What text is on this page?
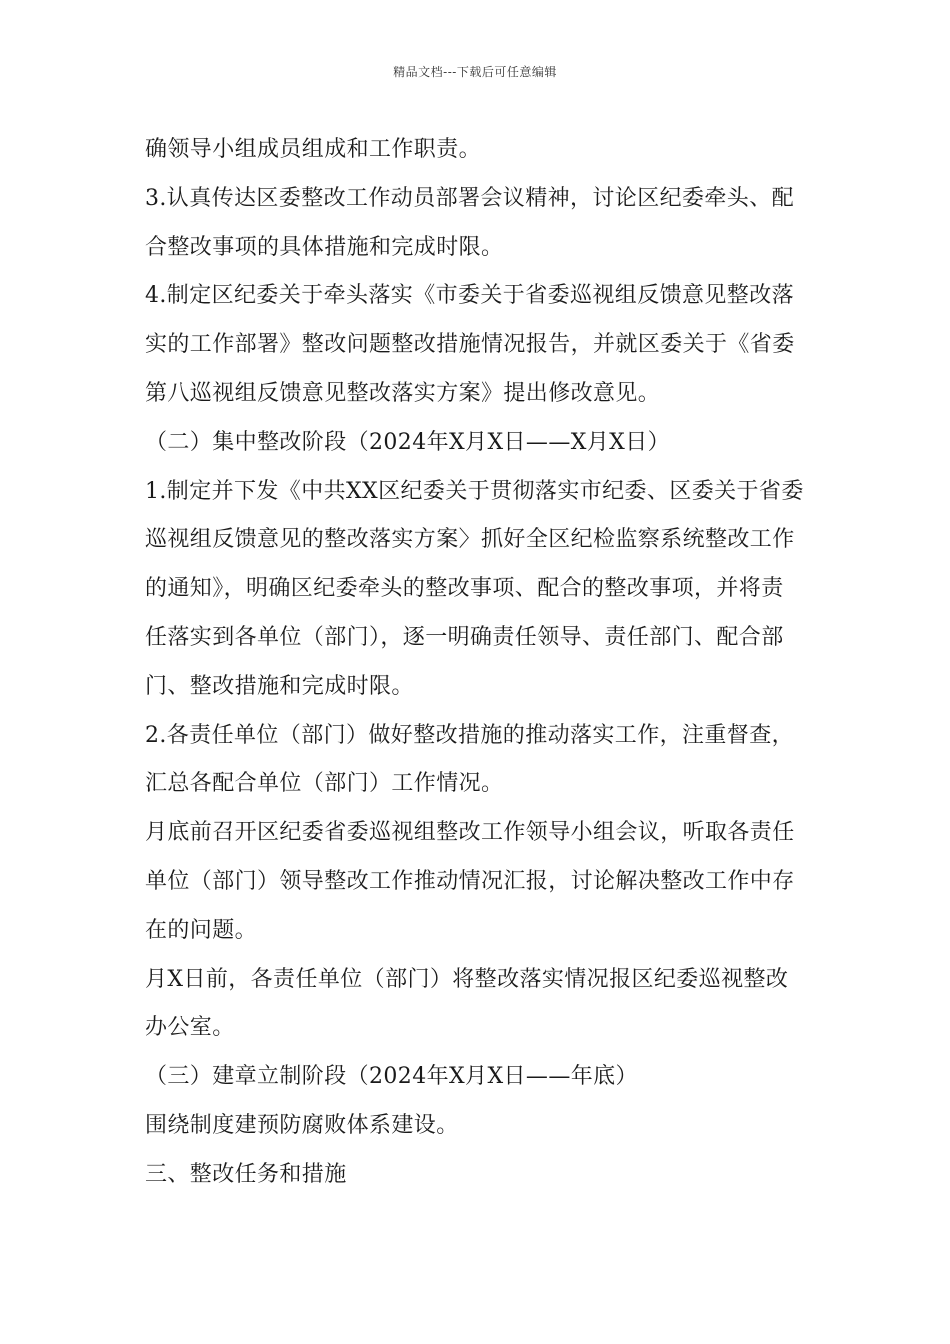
精品文档---下载后可任意编辑

确领导小组成员组成和工作职责。

3.认真传达区委整改工作动员部署会议精神，讨论区纪委牵头、配
合整改事项的具体措施和完成时限。

4.制定区纪委关于牵头落实《市委关于省委巡视组反馈意见整改落
实的工作部署》整改问题整改措施情况报告，并就区委关于《省委
第八巡视组反馈意见整改落实方案》提出修改意见。

（二）集中整改阶段（2024年X月X日——X月X日）

1.制定并下发《中共XX区纪委关于贯彻落实市纪委、区委关于省委
巡视组反馈意见的整改落实方案〉抓好全区纪检监察系统整改工作
的通知》，明确区纪委牵头的整改事项、配合的整改事项，并将责
任落实到各单位（部门），逐一明确责任领导、责任部门、配合部
门、整改措施和完成时限。

2.各责任单位（部门）做好整改措施的推动落实工作，注重督查，
汇总各配合单位（部门）工作情况。

月底前召开区纪委省委巡视组整改工作领导小组会议，听取各责任
单位（部门）领导整改工作推动情况汇报，讨论解决整改工作中存
在的问题。

月X日前，各责任单位（部门）将整改落实情况报区纪委巡视整改
办公室。

（三）建章立制阶段（2024年X月X日——年底）

围绕制度建预防腐败体系建设。

三、整改任务和措施
